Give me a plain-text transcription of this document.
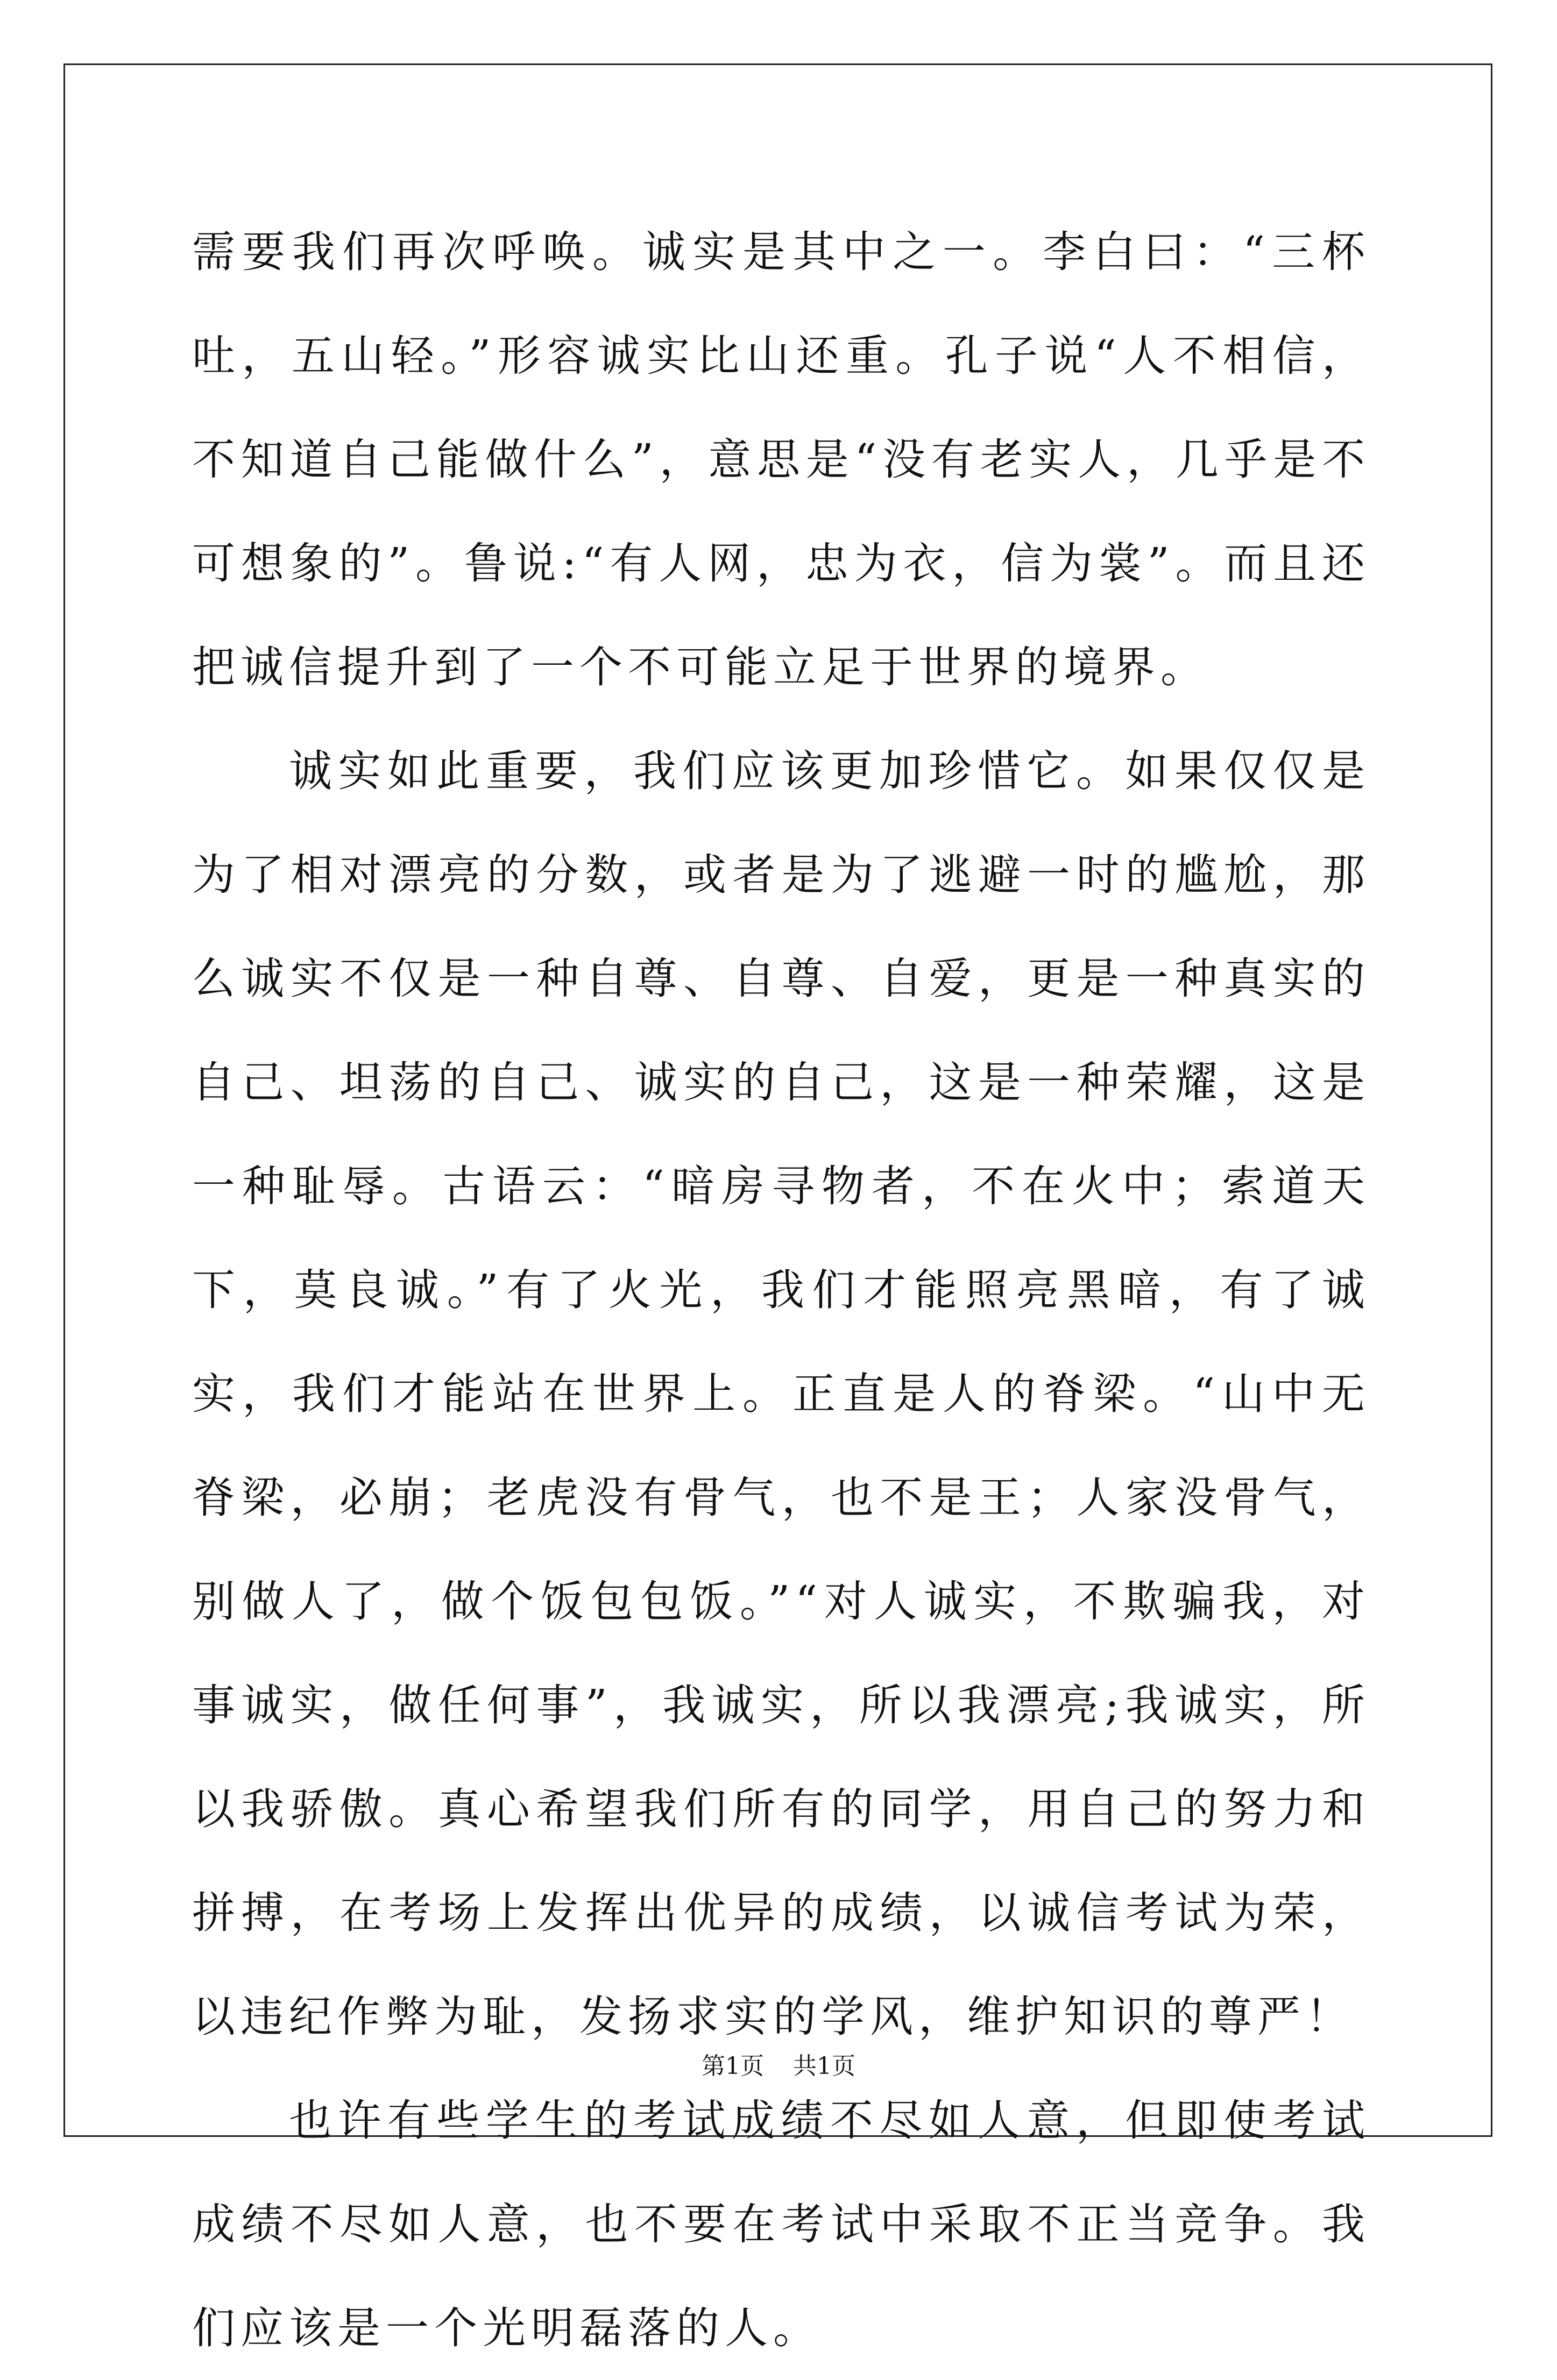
需要我们再次呼唤。诚实是其中之一。李白曰：“三杯吐，五山轻。”形容诚实比山还重。孔子说“人不相信，不知道自己能做什么”，意思是“没有老实人，几乎是不可想象的”。鲁说:“有人网，忠为衣，信为裳”。而且还把诚信提升到了一个不可能立足于世界的境界。

诚实如此重要，我们应该更加珍惜它。如果仅仅是为了相对漂亮的分数，或者是为了逃避一时的尴尬，那么诚实不仅是一种自尊、自尊、自爱，更是一种真实的自己、坦荡的自己、诚实的自己，这是一种荣耀，这是一种耻辱。古语云：“暗房寻物者，不在火中；索道天下，莫良诚。”有了火光，我们才能照亮黑暗，有了诚实，我们才能站在世界上。正直是人的脊梁。“山中无脊梁，必崩；老虎没有骨气，也不是王；人家没骨气，别做人了，做个饭包包饭。”“对人诚实，不欺骗我，对事诚实，做任何事”，我诚实，所以我漂亮;我诚实，所以我骄傲。真心希望我们所有的同学，用自己的努力和拼搏，在考场上发挥出优异的成绩，以诚信考试为荣，以违纪作弊为耻，发扬求实的学风，维护知识的尊严！

也许有些学生的考试成绩不尽如人意，但即使考试成绩不尽如人意，也不要在考试中采取不正当竞争。我们应该是一个光明磊落的人。

第1页 共1页
